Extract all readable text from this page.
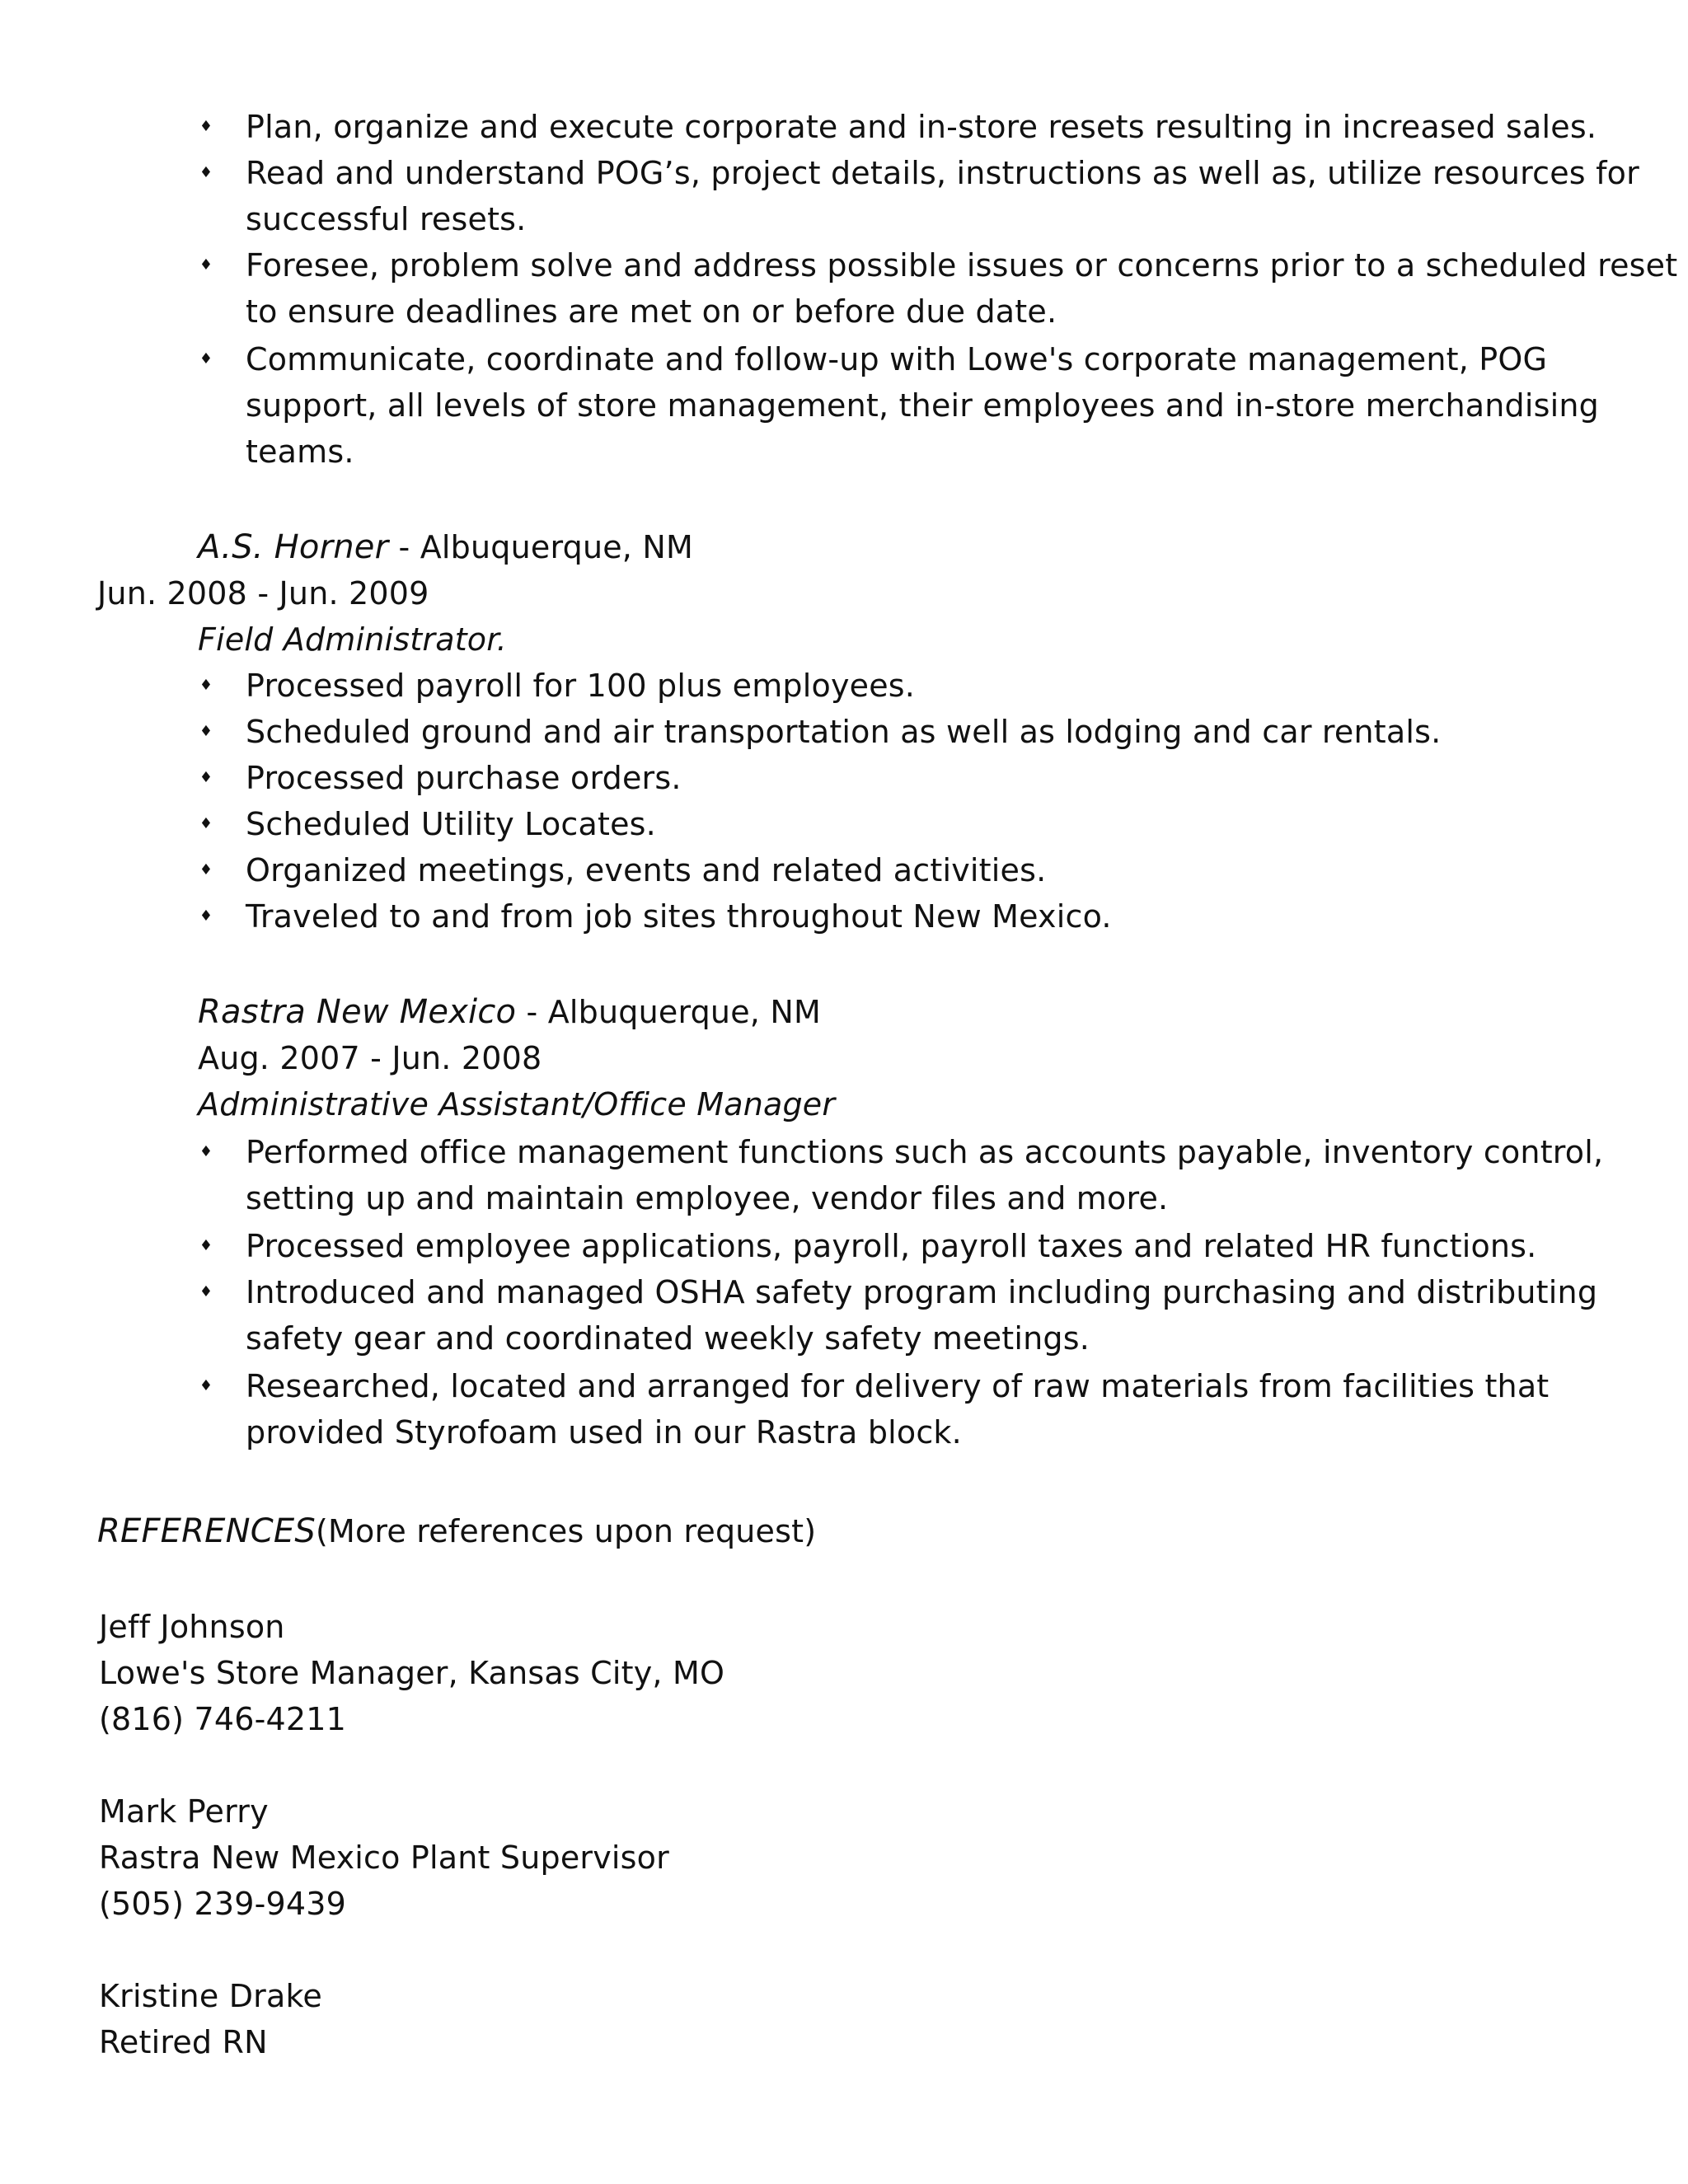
♦ Plan, organize and execute corporate and in-store resets resulting in increased sales.
♦ Read and understand POG’s, project details, instructions as well as, utilize resources for
successful resets.
♦ Foresee, problem solve and address possible issues or concerns prior to a scheduled reset
to ensure deadlines are met on or before due date.
♦ Communicate, coordinate and follow-up with Lowe's corporate management, POG
support, all levels of store management, their employees and in-store merchandising
teams.
A.S. Horner - Albuquerque, NM
Jun. 2008 - Jun. 2009
Field Administrator.
♦ Processed payroll for 100 plus employees.
♦ Scheduled ground and air transportation as well as lodging and car rentals.
♦ Processed purchase orders.
♦ Scheduled Utility Locates.
♦ Organized meetings, events and related activities.
♦ Traveled to and from job sites throughout New Mexico.
Rastra New Mexico - Albuquerque, NM
Aug. 2007 - Jun. 2008
Administrative Assistant/Office Manager
♦ Performed office management functions such as accounts payable, inventory control,
setting up and maintain employee, vendor files and more.
♦ Processed employee applications, payroll, payroll taxes and related HR functions.
♦ Introduced and managed OSHA safety program including purchasing and distributing
safety gear and coordinated weekly safety meetings.
♦ Researched, located and arranged for delivery of raw materials from facilities that
provided Styrofoam used in our Rastra block.
REFERENCES(More references upon request)
Jeff Johnson
Lowe's Store Manager, Kansas City, MO
(816) 746-4211
Mark Perry
Rastra New Mexico Plant Supervisor
(505) 239-9439
Kristine Drake
Retired RN
